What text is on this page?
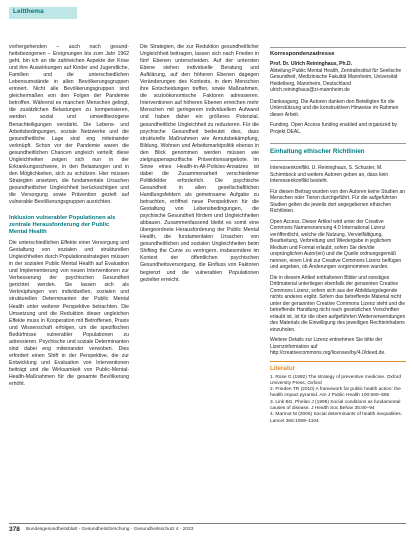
Leitthema

vorhergehenden – auch nach gesund-heitsbezogenen – Ereignungen bis zum Jahr 1962 geht, bin ich an die zahlreichen Aspekte der Krise und ihre Auswirkungen auf Kinder und Jugendliche, Familien und die unterschiedlichen Lebensumstände in allen Bevölkerungsgruppen erinnert. Nicht alle Bevölkerungsgruppen sind gleichermaßen von den Folgen der Pandemie betroffen. Während es manchen Menschen gelingt, die zusätzlichen Belastungen zu kompensieren, werden sozial und umweltbezogene Benachteiligungen verstärkt. Die Lebens- und Arbeitsbedingungen, soziale Netzwerke und die gesundheitliche Lage sind eng miteinander verknüpft. Schon vor der Pandemie waren die gesundheitlichen Chancen ungleich verteilt; diese Ungleichheiten zeigen sich nun in der Erkrankungsschwere, in den Belastungen und in den Möglichkeiten, sich zu schützen. Hier müssen Strategien ansetzen, die fundamentale Ursachen gesundheitlicher Ungleichheit berücksichtigen und die Versorgung sowie Prävention gezielt auf vulnerable Bevölkerungsgruppen ausrichten.

Inklusion vulnerabler Populationen als zentrale Herausforderung der Public Mental Health

Die unterschiedlichen Effekte einer Versorgung und Gestaltung von sozialen und strukturellen Ungleichheiten durch Populationsstrategien müssen in der sozialen Public Mental Health auf Evaluation und Implementierung von neuen Interventionen zur Verbesserung der psychischen Gesundheit gerichtet werden. Sie lassen sich als Verknüpfungen von individuellen, sozialen und strukturellen Determinanten der Public Mental Health unter weiterer Perspektive betrachten. Die Umsetzung und die Reduktion dieser ungleichen Effekte muss in Kooperation mit Betroffenen, Praxis und Wissenschaft erfolgen, um die spezifischen Bedürfnisse vulnerabler Populationen zu adressieren. Psychische und soziale Determinanten sind dabei eng miteinander verwoben. Dies erfordert einen Shift in der Perspektive, die zur Entwicklung und Evaluation von Interventionen beiträgt und die Wirksamkeit von Public-Mental-Health-Maßnahmen für die gesamte Bevölkerung erhöht.

Die Strategien, die zur Reduktion gesundheitlicher Ungleichheit beitragen, lassen sich nach Frieden in fünf Ebenen unterscheiden. Auf der untersten Ebene stehen individuelle Beratung und Aufklärung, auf den höheren Ebenen dagegen Veränderungen des Kontexts, in dem Menschen ihre Entscheidungen treffen, sowie Maßnahmen, die sozioökonomische Faktoren adressieren. Interventionen auf höheren Ebenen erreichen mehr Menschen mit geringerem individuellem Aufwand und haben daher ein größeres Potenzial, gesundheitliche Ungleichheit zu reduzieren. Für die psychische Gesundheit bedeutet dies, dass strukturelle Maßnahmen wie Armutsbekämpfung, Bildung, Wohnen und Arbeitsmarktpolitik ebenso in den Blick genommen werden müssen wie zielgruppenspezifische Präventionsangebote. Im Sinne eines Health-in-All-Policies-Ansatzes ist dabei die Zusammenarbeit verschiedener Politikfelder erforderlich. Die psychische Gesundheit in allen gesellschaftlichen Handlungsfeldern als gemeinsame Aufgabe zu betrachten, eröffnet neue Perspektiven für die Gestaltung von Lebensbedingungen, die psychische Gesundheit fördern und Ungleichheiten abbauen. Zusammenfassend bleibt es somit eine übergeordnete Herausforderung der Public Mental Health, die fundamentalen Ursachen von gesundheitlichen und sozialen Ungleichheiten beim Shifting the Curve zu verringern, insbesondere im Kontext der öffentlichen psychischen Gesundheitsversorgung, die Einfluss von Faktoren begrenzt und die vulnerablen Populationen gezielter erreicht.

Korrespondenzadresse
Prof. Dr. Ulrich Reininghaus, Ph.D.
Abteilung Public Mental Health, Zentralinstitut für Seelische Gesundheit, Medizinische Fakultät Mannheim, Universität Heidelberg, Mannheim, Deutschland
ulrich.reininghaus@zi-mannheim.de
Danksagung. Die Autoren danken den Beteiligten für die Unterstützung und die konstruktiven Hinweise im Rahmen dieser Arbeit.
Funding. Open Access funding enabled and organized by Projekt DEAL.
Einhaltung ethischer Richtlinien

Interessenkonflikt. U. Reininghaus, S. Schuster, M. Schirmbeck und weitere Autoren geben an, dass kein Interessenkonflikt besteht.

Für diesen Beitrag wurden von den Autoren keine Studien an Menschen oder Tieren durchgeführt. Für die aufgeführten Studien gelten die jeweils dort angegebenen ethischen Richtlinien.

Open Access. Dieser Artikel wird unter der Creative Commons Namensnennung 4.0 International Lizenz veröffentlicht, welche die Nutzung, Vervielfältigung, Bearbeitung, Verbreitung und Wiedergabe in jeglichem Medium und Format erlaubt, sofern Sie den/die ursprünglichen Autor(en) und die Quelle ordnungsgemäß nennen, einen Link zur Creative Commons Lizenz beifügen und angeben, ob Änderungen vorgenommen wurden.

Die in diesem Artikel enthaltenen Bilder und sonstiges Drittmaterial unterliegen ebenfalls der genannten Creative Commons Lizenz, sofern sich aus der Abbildungslegende nichts anderes ergibt. Sofern das betreffende Material nicht unter der genannten Creative Commons Lizenz steht und die betreffende Handlung nicht nach gesetzlichen Vorschriften erlaubt ist, ist für die oben aufgeführten Weiterverwendungen des Materials die Einwilligung des jeweiligen Rechteinhabers einzuholen.

Weitere Details zur Lizenz entnehmen Sie bitte der Lizenzinformation auf http://creativecommons.org/licenses/by/4.0/deed.de.

Literatur
1. Rose G (1992) The strategy of preventive medicine. Oxford University Press, Oxford
2. Frieden TR (2010) A framework for public health action: the health impact pyramid. Am J Public Health 100:590–595
3. Link BG, Phelan J (1995) Social conditions as fundamental causes of disease. J Health Soc Behav 35:80–94
4. Marmot M (2005) Social determinants of health inequalities. Lancet 365:1099–1104
378 Bundesgesundheitsblatt - Gesundheitsforschung - Gesundheitsschutz 4 · 2023
